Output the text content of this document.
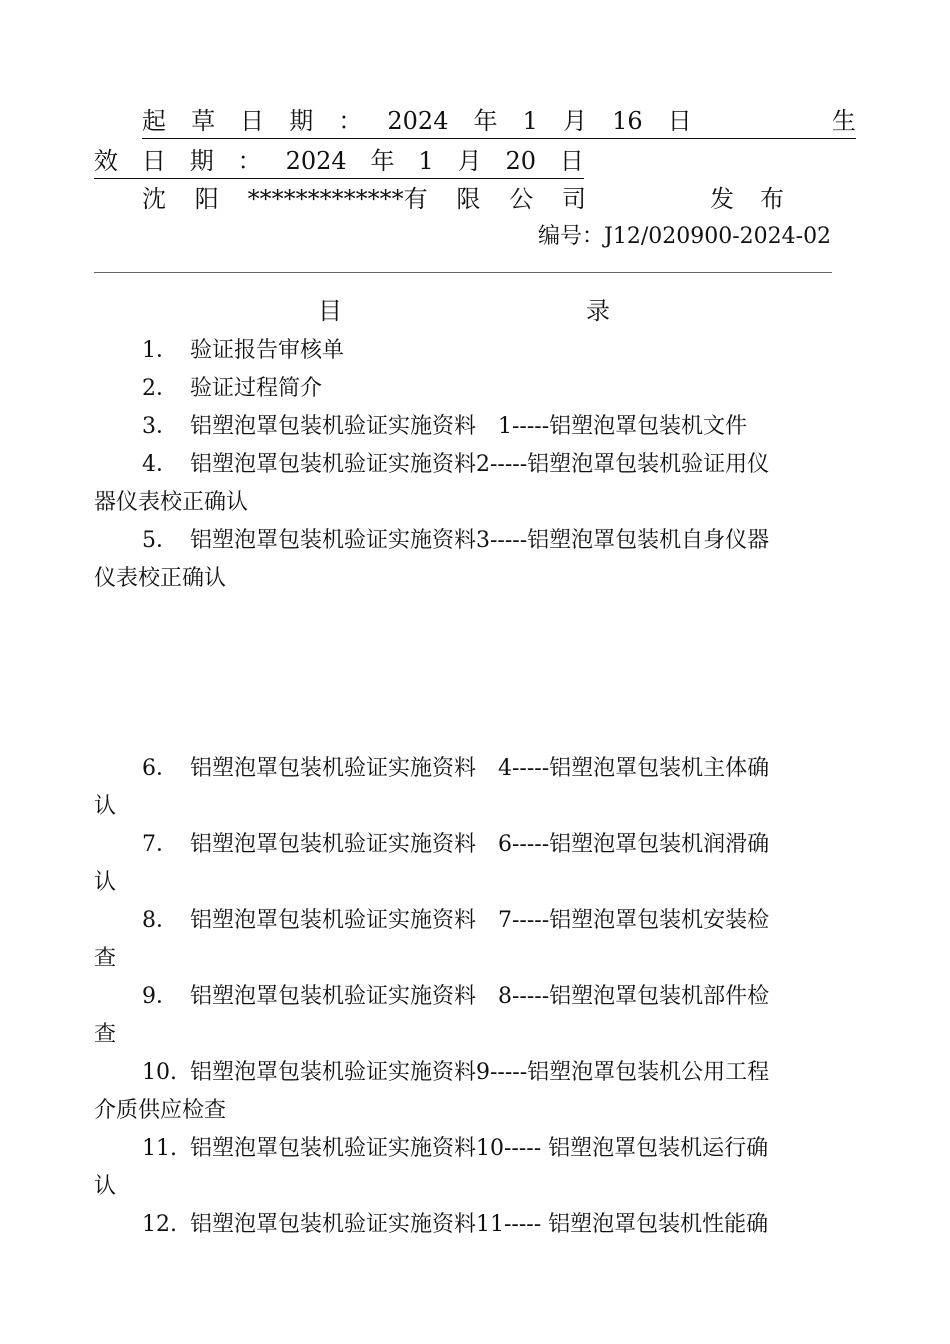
起 草 日 期 ： 2024 年 1 月 16 日	生
效 日 期 ： 2024 年 1 月 20 日
沈 阳 *************有 限 公 司	发 布
编号：J12/020900-2024-02
目	录
1． 验证报告审核单
2． 验证过程简介
3． 铝塑泡罩包装机验证实施资料　1-----铝塑泡罩包装机文件
4． 铝塑泡罩包装机验证实施资料2-----铝塑泡罩包装机验证用仪
器仪表校正确认
5． 铝塑泡罩包装机验证实施资料3-----铝塑泡罩包装机自身仪器
仪表校正确认
6． 铝塑泡罩包装机验证实施资料　4-----铝塑泡罩包装机主体确
认
7． 铝塑泡罩包装机验证实施资料　6-----铝塑泡罩包装机润滑确
认
8． 铝塑泡罩包装机验证实施资料　7-----铝塑泡罩包装机安装检
查
9． 铝塑泡罩包装机验证实施资料　8-----铝塑泡罩包装机部件检
查
10. 铝塑泡罩包装机验证实施资料9-----铝塑泡罩包装机公用工程
介质供应检查
11. 铝塑泡罩包装机验证实施资料10----- 铝塑泡罩包装机运行确
认
12. 铝塑泡罩包装机验证实施资料11----- 铝塑泡罩包装机性能确
